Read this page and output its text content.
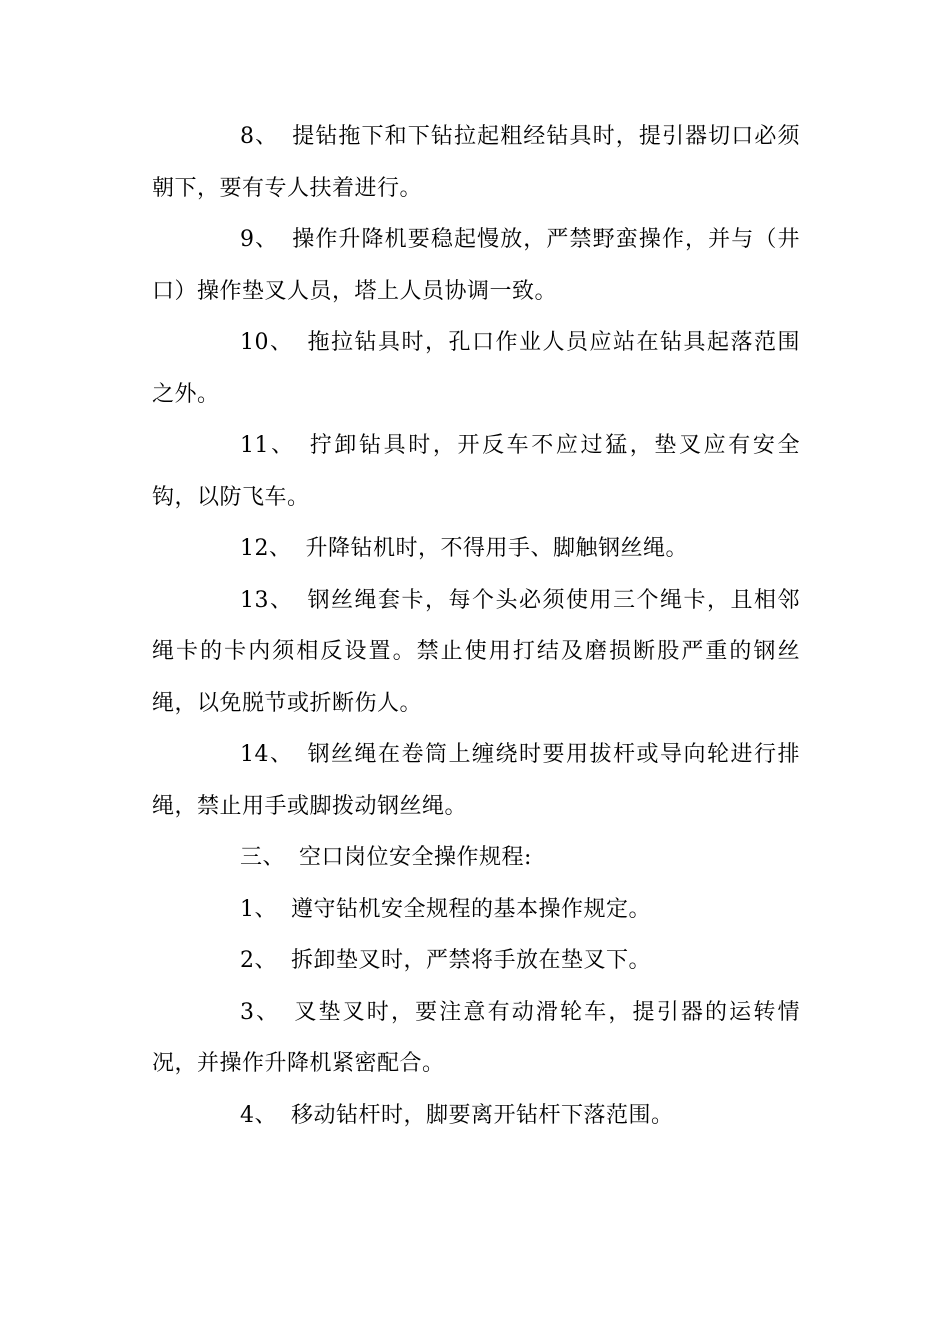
8、 提钻拖下和下钻拉起粗经钻具时，提引器切口必须朝下，要有专人扶着进行。

9、 操作升降机要稳起慢放，严禁野蛮操作，并与（井口）操作垫叉人员，塔上人员协调一致。

10、 拖拉钻具时，孔口作业人员应站在钻具起落范围之外。

11、 拧卸钻具时，开反车不应过猛，垫叉应有安全钩，以防飞车。

12、 升降钻机时，不得用手、脚触钢丝绳。

13、 钢丝绳套卡，每个头必须使用三个绳卡，且相邻绳卡的卡内须相反设置。禁止使用打结及磨损断股严重的钢丝绳，以免脱节或折断伤人。

14、 钢丝绳在卷筒上缠绕时要用拔杆或导向轮进行排绳，禁止用手或脚拨动钢丝绳。

三、 空口岗位安全操作规程:

1、 遵守钻机安全规程的基本操作规定。

2、 拆卸垫叉时，严禁将手放在垫叉下。

3、 叉垫叉时，要注意有动滑轮车，提引器的运转情况，并操作升降机紧密配合。

4、 移动钻杆时，脚要离开钻杆下落范围。
